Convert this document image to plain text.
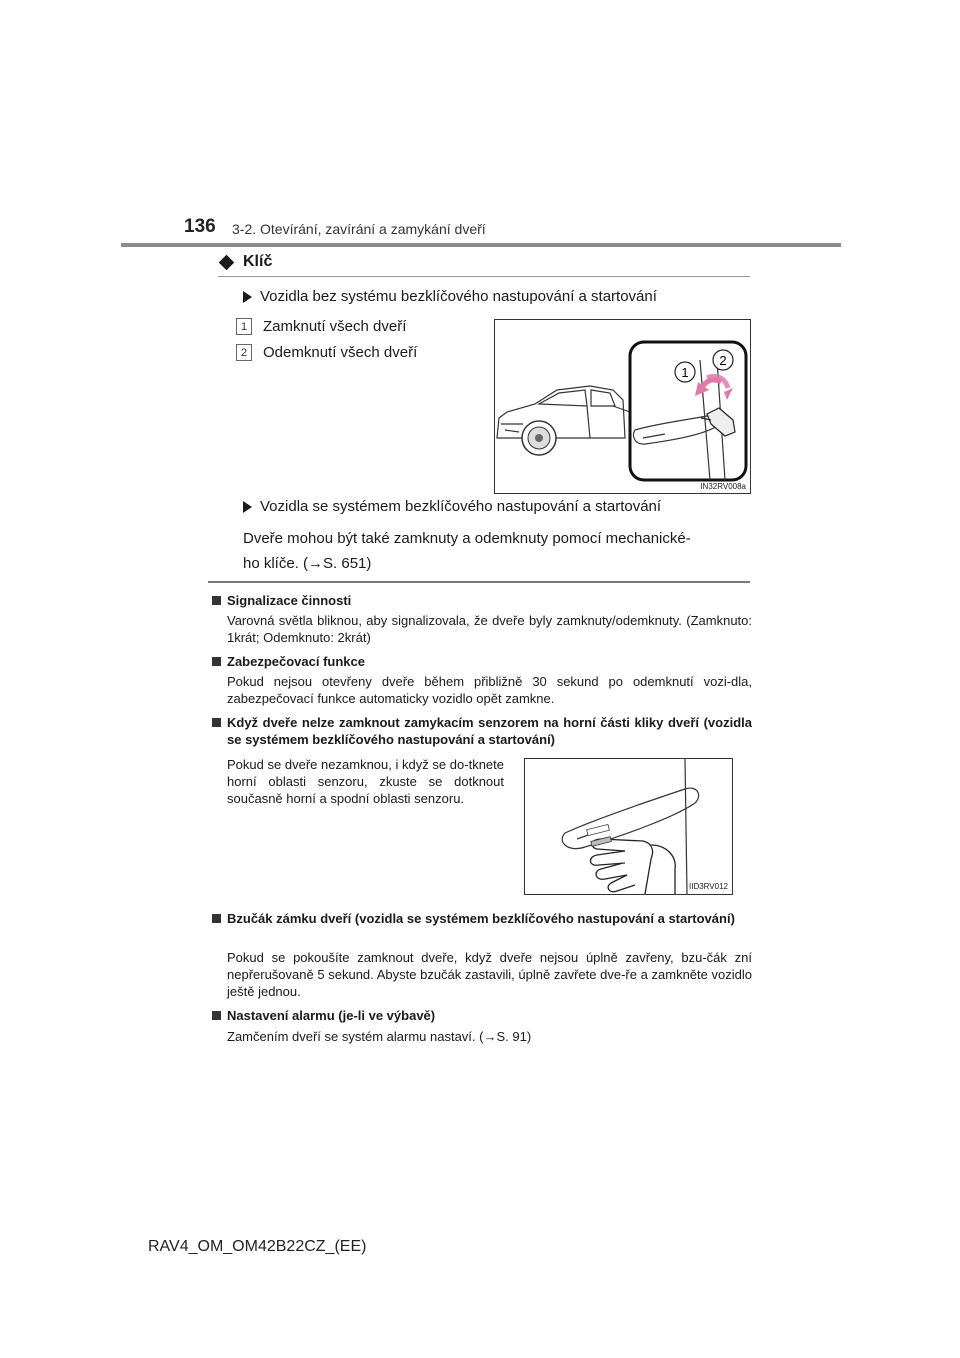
136 3-2. Otevírání, zavírání a zamykání dveří
Klíč
Vozidla bez systému bezklíčového nastupování a startování
1	Zamknutí všech dveří
2	Odemknutí všech dveří
1
2
IN32RV008a
Vozidla se systémem bezklíčového nastupování a startování
Dveře mohou být také zamknuty a odemknuty pomocí mechanické-
ho klíče. (→S. 651)
Signalizace činnosti
Varovná světla bliknou, aby signalizovala, že dveře byly zamknuty/odemknuty. (Zamknuto: 1krát; Odemknuto: 2krát)
Zabezpečovací funkce
Pokud nejsou otevřeny dveře během přibližně 30 sekund po odemknutí vozi-dla, zabezpečovací funkce automaticky vozidlo opět zamkne.
Když dveře nelze zamknout zamykacím senzorem na horní části kliky dveří (vozidla se systémem bezklíčového nastupování a startování)
Pokud se dveře nezamknou, i když se do-tknete horní oblasti senzoru, zkuste se dotknout současně horní a spodní oblasti senzoru.
IID3RV012
Bzučák zámku dveří (vozidla se systémem bezklíčového nastupování a startování)
Pokud se pokoušíte zamknout dveře, když dveře nejsou úplně zavřeny, bzu-čák zní nepřerušovaně 5 sekund. Abyste bzučák zastavili, úplně zavřete dve-ře a zamkněte vozidlo ještě jednou.
Nastavení alarmu (je-li ve výbavě)
Zamčením dveří se systém alarmu nastaví. (→S. 91)
RAV4_OM_OM42B22CZ_(EE)
